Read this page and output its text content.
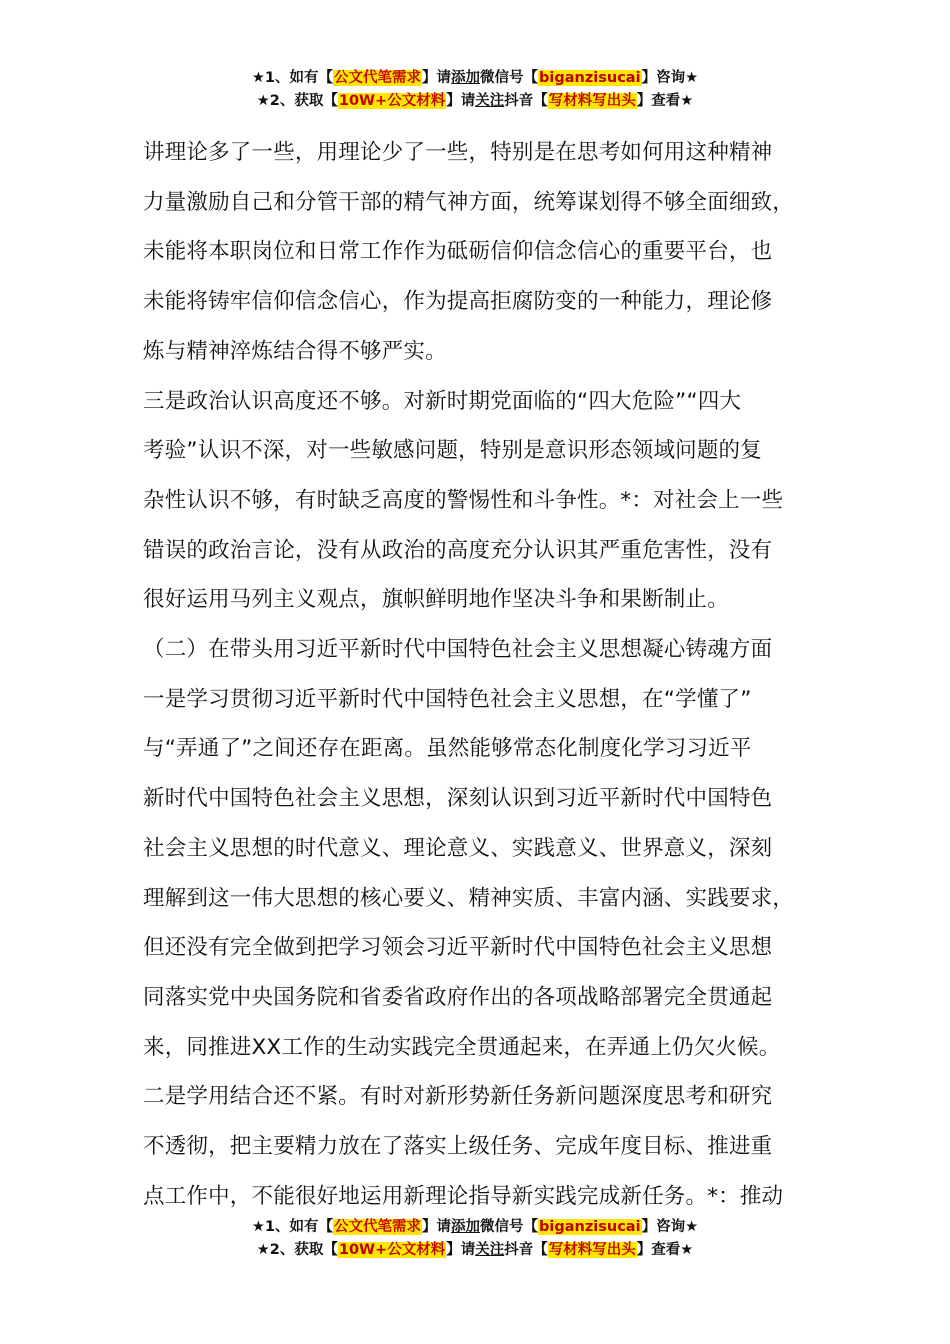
★1、如有【公文代笔需求】请添加微信号【biganzisucai】咨询★
★2、获取【10W+公文材料】请关注抖音【写材料写出头】查看★

讲理论多了一些，用理论少了一些，特别是在思考如何用这种精神

力量激励自己和分管干部的精气神方面，统筹谋划得不够全面细致，

未能将本职岗位和日常工作作为砥砺信仰信念信心的重要平台，也

未能将铸牢信仰信念信心，作为提高拒腐防变的一种能力，理论修

炼与精神淬炼结合得不够严实。

三是政治认识高度还不够。对新时期党面临的“四大危险”“四大

考验”认识不深，对一些敏感问题，特别是意识形态领域问题的复

杂性认识不够，有时缺乏高度的警惕性和斗争性。*：对社会上一些

错误的政治言论，没有从政治的高度充分认识其严重危害性，没有

很好运用马列主义观点，旗帜鲜明地作坚决斗争和果断制止。

（二）在带头用习近平新时代中国特色社会主义思想凝心铸魂方面

一是学习贯彻习近平新时代中国特色社会主义思想，在“学懂了”

与“弄通了”之间还存在距离。虽然能够常态化制度化学习习近平

新时代中国特色社会主义思想，深刻认识到习近平新时代中国特色

社会主义思想的时代意义、理论意义、实践意义、世界意义，深刻

理解到这一伟大思想的核心要义、精神实质、丰富内涵、实践要求，

但还没有完全做到把学习领会习近平新时代中国特色社会主义思想

同落实党中央国务院和省委省政府作出的各项战略部署完全贯通起

来，同推进XX工作的生动实践完全贯通起来，在弄通上仍欠火候。

二是学用结合还不紧。有时对新形势新任务新问题深度思考和研究

不透彻，把主要精力放在了落实上级任务、完成年度目标、推进重

点工作中，不能很好地运用新理论指导新实践完成新任务。*：推动

★1、如有【公文代笔需求】请添加微信号【biganzisucai】咨询★
★2、获取【10W+公文材料】请关注抖音【写材料写出头】查看★
